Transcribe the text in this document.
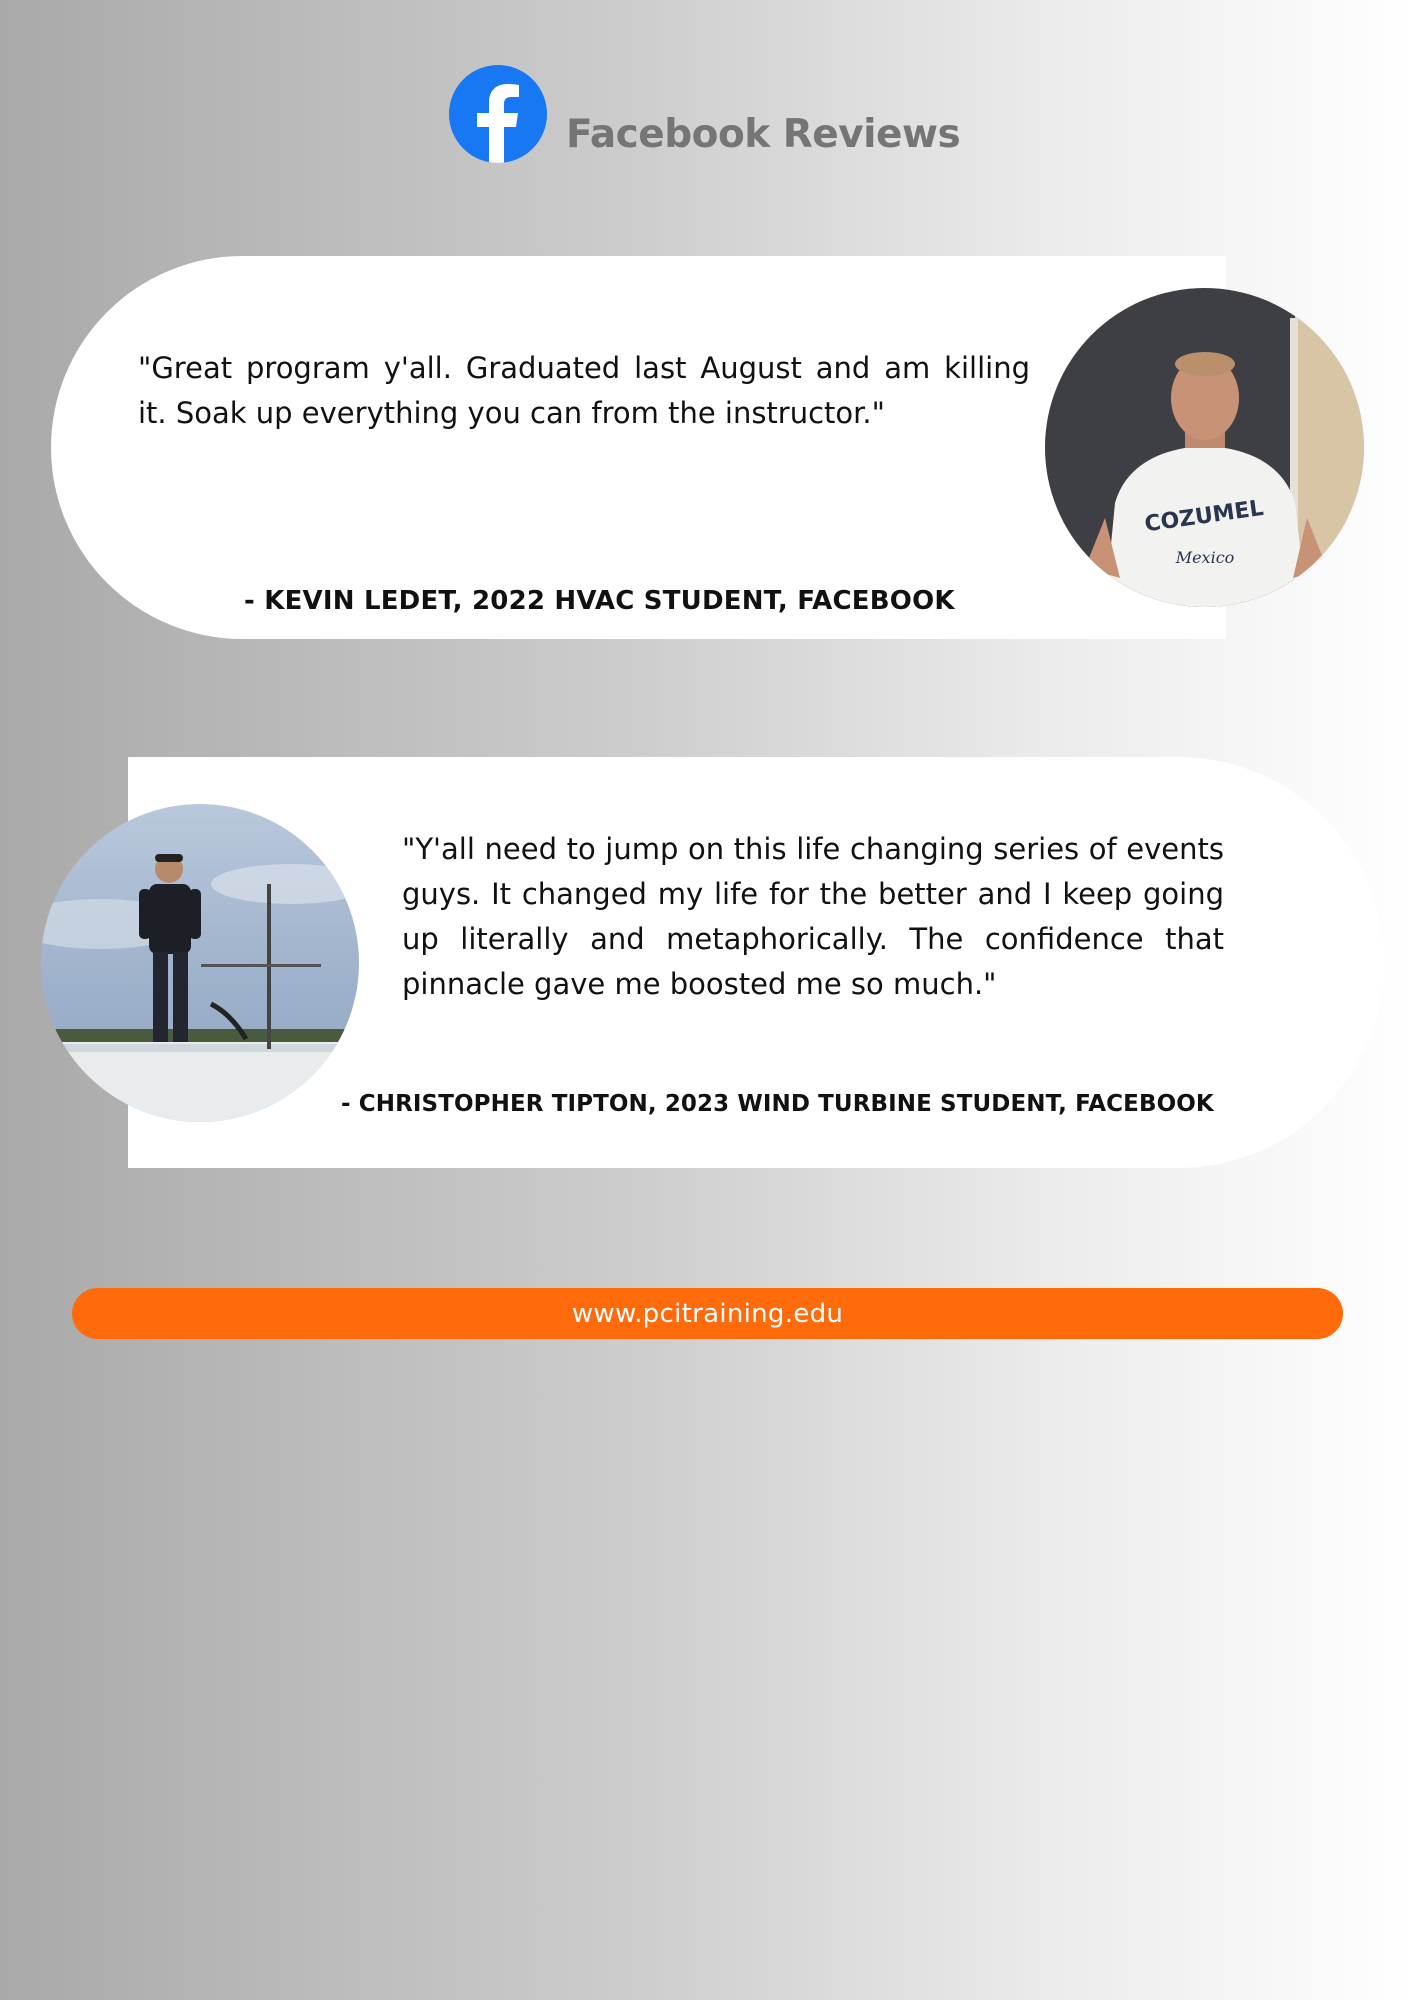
Facebook Reviews
"Great program y'all. Graduated last August and am killing it. Soak up everything you can from the instructor."
- KEVIN LEDET, 2022 HVAC STUDENT, FACEBOOK
COZUMEL
Mexico
"Y'all need to jump on this life changing series of events guys. It changed my life for the better and I keep going up literally and metaphorically. The confidence that pinnacle gave me boosted me so much."
- CHRISTOPHER TIPTON, 2023 WIND TURBINE STUDENT, FACEBOOK
www.pcitraining.edu
